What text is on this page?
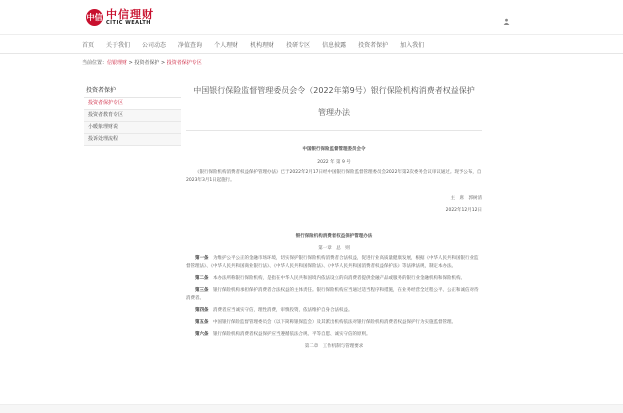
中信 中信理财
CITIC WEALTH
首页 关于我们 公司动态 净值查询 个人理财 机构理财 投研专区 信息披露 投资者保护 加入我们
当前位置：信银理财 > 投资者保护 > 投资者保护专区
投资者保护
投资者保护专区
投资者教育专区
小暖象理财说
投诉处理流程
中国银行保险监督管理委员会令（2022年第9号）银行保险机构消费者权益保护
管理办法
中国银行保险监督管理委员会令
2022 年 第 9 号
《银行保险机构消费者权益保护管理办法》已于2022年2月17日经中国银行保险监督管理委员会2022年第2次委务会议审议通过。现予公布，自2023年3月1日起施行。
主　席　 郭树清
2022年12月12日
银行保险机构消费者权益保护管理办法
第一章　总　则
第一条　 为维护公平公正的金融市场环境，切实保护银行保险机构消费者合法权益，促进行业高质量健康发展，根据《中华人民共和国银行业监督管理法》、《中华人民共和国商业银行法》、《中华人民共和国保险法》、《中华人民共和国消费者权益保护法》等法律法规，制定本办法。
第二条　 本办法所称银行保险机构，是指在中华人民共和国境内依法设立的向消费者提供金融产品或服务的银行业金融机构和保险机构。
第三条　 银行保险机构承担保护消费者合法权益的主体责任。银行保险机构应当通过适当程序和措施，在业务经营全过程公平、公正和诚信对待消费者。
第四条　 消费者应当诚实守信，理性消费，审慎投资，依法维护自身合法权益。
第五条　 中国银行保险监督管理委员会（以下简称银保监会）及其派出机构依法对银行保险机构消费者权益保护行为实施监督管理。
第六条　 银行保险机构消费者权益保护应当遵循依法合规、平等自愿、诚实守信的原则。
第二章　工作机制与管理要求
